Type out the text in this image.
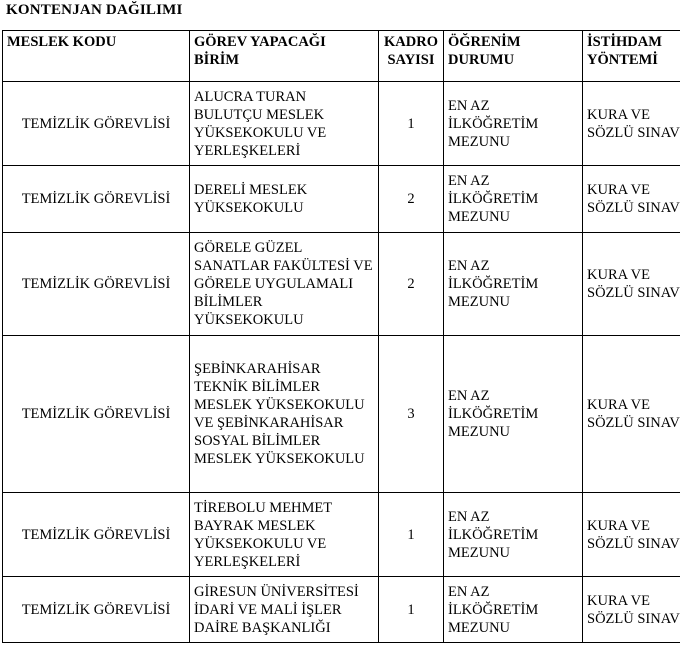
KONTENJAN DAĞILIMI
MESLEK KODU	GÖREV YAPACAĞI BİRİM	KADRO SAYISI	ÖĞRENİM DURUMU	İSTİHDAM YÖNTEMİ
TEMİZLİK GÖREVLİSİ	ALUCRA TURAN BULUTÇU MESLEK YÜKSEKOKULU VE YERLEŞKELERİ	1	EN AZ İLKÖĞRETİM MEZUNU	KURA VE SÖZLÜ SINAV
TEMİZLİK GÖREVLİSİ	DERELİ MESLEK YÜKSEKOKULU	2	EN AZ İLKÖĞRETİM MEZUNU	KURA VE SÖZLÜ SINAV
TEMİZLİK GÖREVLİSİ	GÖRELE GÜZEL SANATLAR FAKÜLTESİ VE GÖRELE UYGULAMALI BİLİMLER YÜKSEKOKULU	2	EN AZ İLKÖĞRETİM MEZUNU	KURA VE SÖZLÜ SINAV
TEMİZLİK GÖREVLİSİ	ŞEBİNKARAHİSAR TEKNİK BİLİMLER MESLEK YÜKSEKOKULU VE ŞEBİNKARAHİSAR SOSYAL BİLİMLER MESLEK YÜKSEKOKULU	3	EN AZ İLKÖĞRETİM MEZUNU	KURA VE SÖZLÜ SINAV
TEMİZLİK GÖREVLİSİ	TİREBOLU MEHMET BAYRAK MESLEK YÜKSEKOKULU VE YERLEŞKELERİ	1	EN AZ İLKÖĞRETİM MEZUNU	KURA VE SÖZLÜ SINAV
TEMİZLİK GÖREVLİSİ	GİRESUN ÜNİVERSİTESİ İDARİ VE MALİ İŞLER DAİRE BAŞKANLIĞI	1	EN AZ İLKÖĞRETİM MEZUNU	KURA VE SÖZLÜ SINAV
